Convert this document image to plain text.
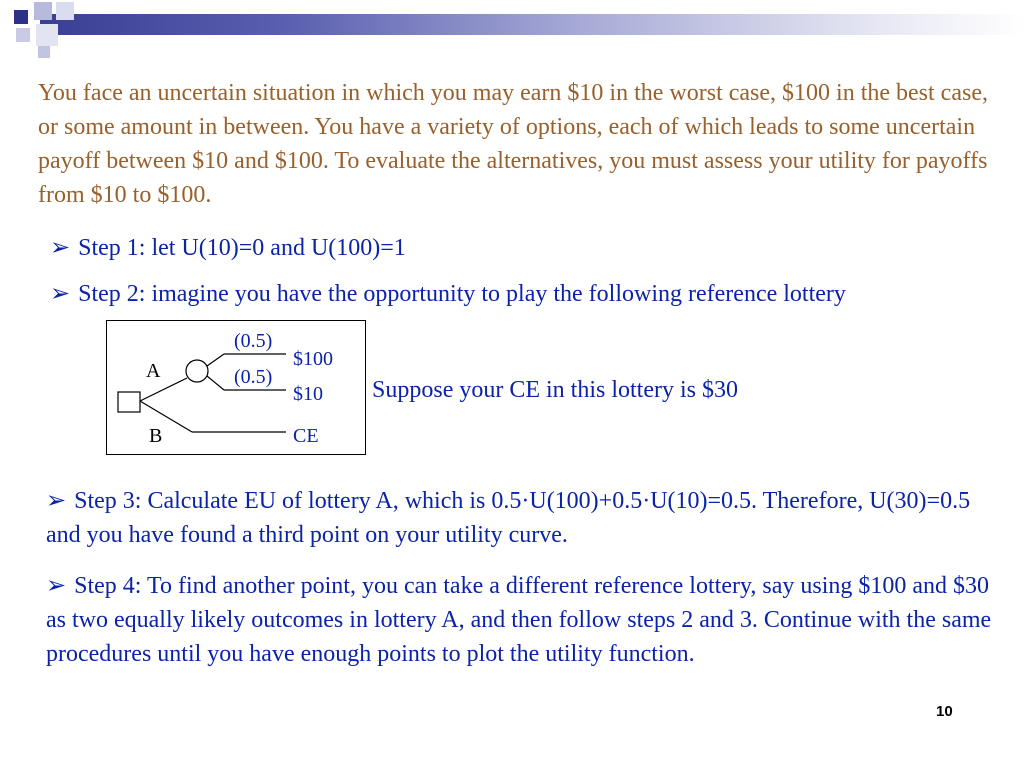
You face an uncertain situation in which you may earn $10 in the worst case, $100 in the best case, or some amount in between. You have a variety of options, each of which leads to some uncertain payoff between $10 and $100. To evaluate the alternatives, you must assess your utility for payoffs from $10 to $100.
➢ Step 1: let U(10)=0 and U(100)=1
➢ Step 2: imagine you have the opportunity to play the following reference lottery
A
B
(0.5)
(0.5)
$100
$10
CE
Suppose your CE in this lottery is $30
➢ Step 3: Calculate EU of lottery A, which is 0.5·U(100)+0.5·U(10)=0.5. Therefore, U(30)=0.5 and you have found a third point on your utility curve.
➢ Step 4: To find another point, you can take a different reference lottery, say using $100 and $30 as two equally likely outcomes in lottery A, and then follow steps 2 and 3. Continue with the same procedures until you have enough points to plot the utility function.
10
